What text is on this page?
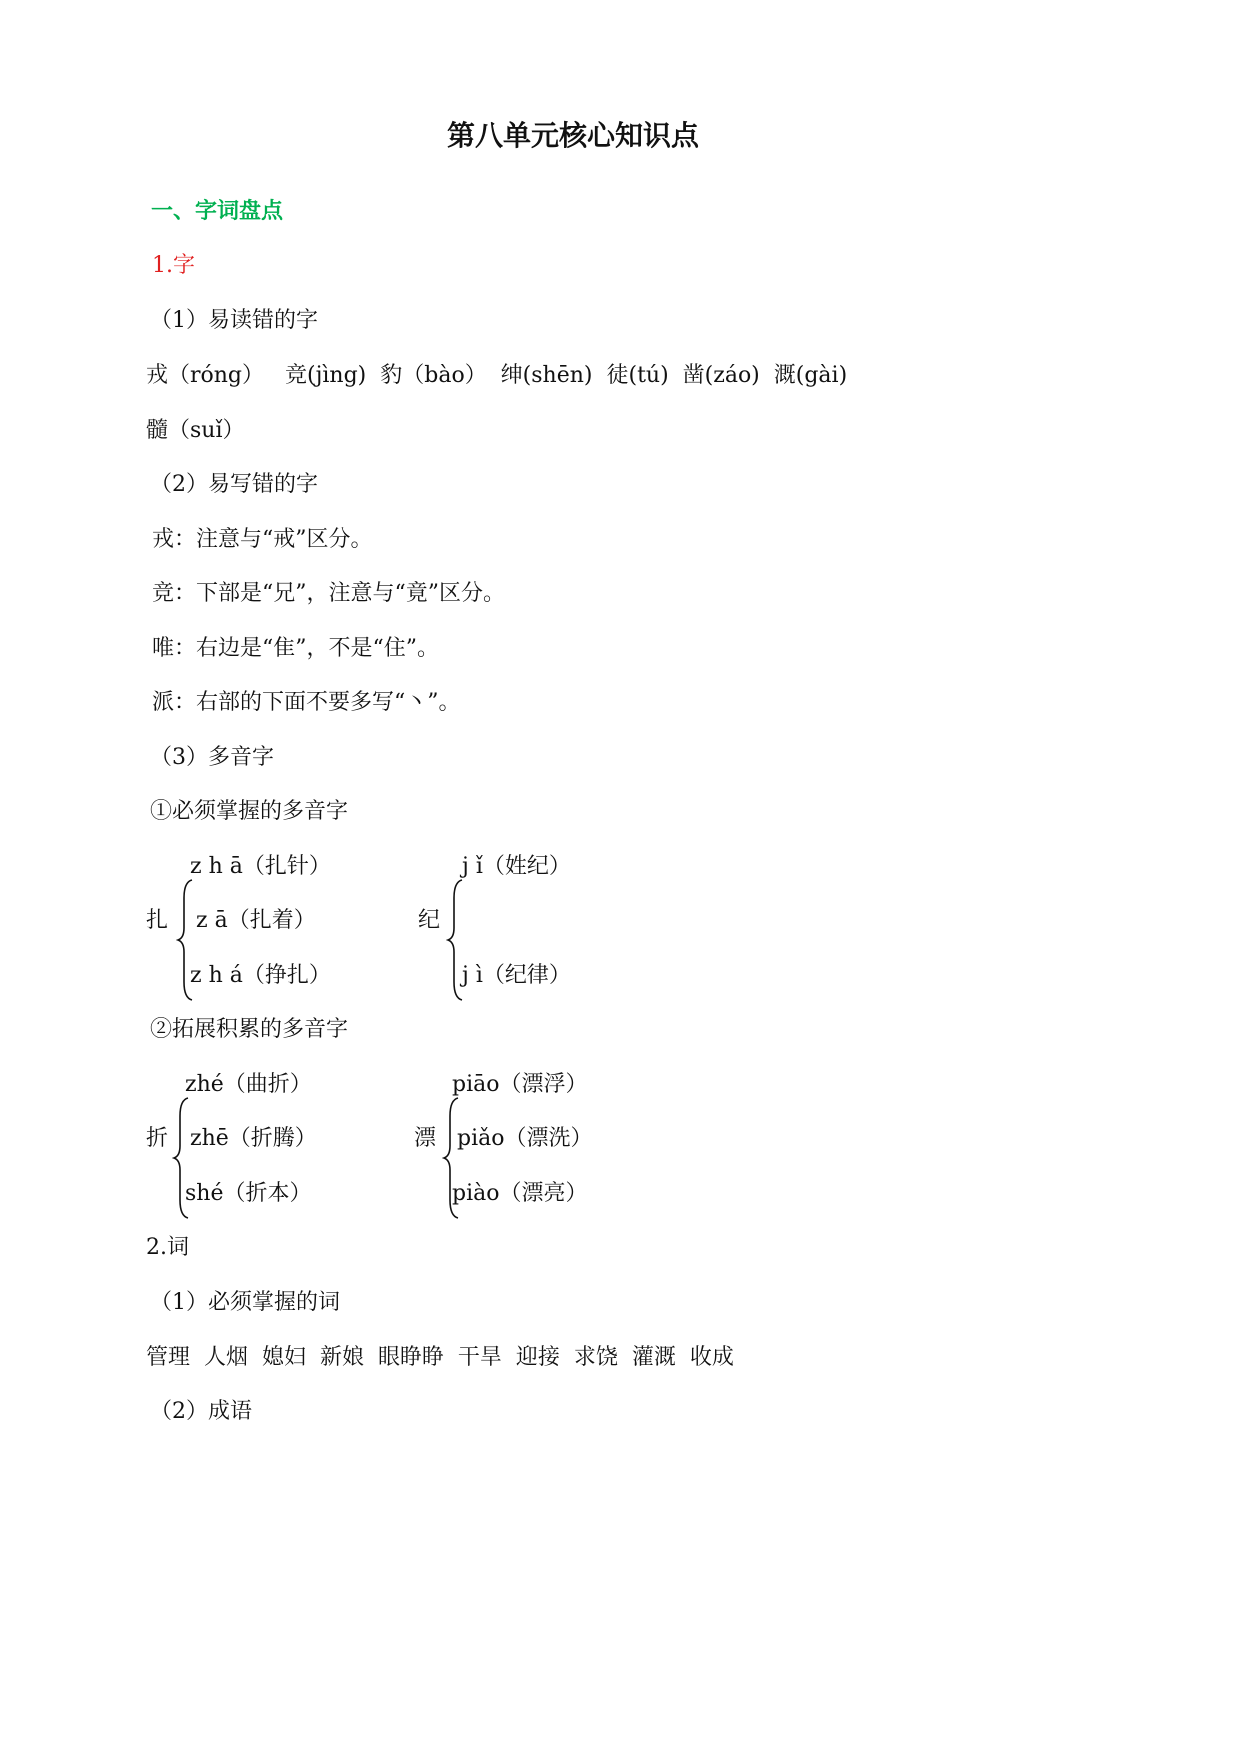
第八单元核心知识点
一、字词盘点
1.字
（1）易读错的字
戎（róng）   竞(jìng)  豹（bào）  绅(shēn)  徒(tú)  凿(záo)  溉(gài)
髓（suǐ）
（2）易写错的字
戎：注意与“戒”区分。
竞：下部是“兄”，注意与“竟”区分。
唯：右边是“隹”，不是“住”。
派：右部的下面不要多写“丶”。
（3）多音字
①必须掌握的多音字
扎
z h ā（扎针）
z ā（扎着）
z h á（挣扎）
纪
j ǐ（姓纪）
j ì（纪律）
②拓展积累的多音字
折
zhé（曲折）
zhē（折腾）
shé（折本）
漂
piāo（漂浮）
piǎo（漂洗）
piào（漂亮）
2.词
（1）必须掌握的词
管理  人烟  媳妇  新娘  眼睁睁  干旱  迎接  求饶  灌溉  收成
（2）成语
